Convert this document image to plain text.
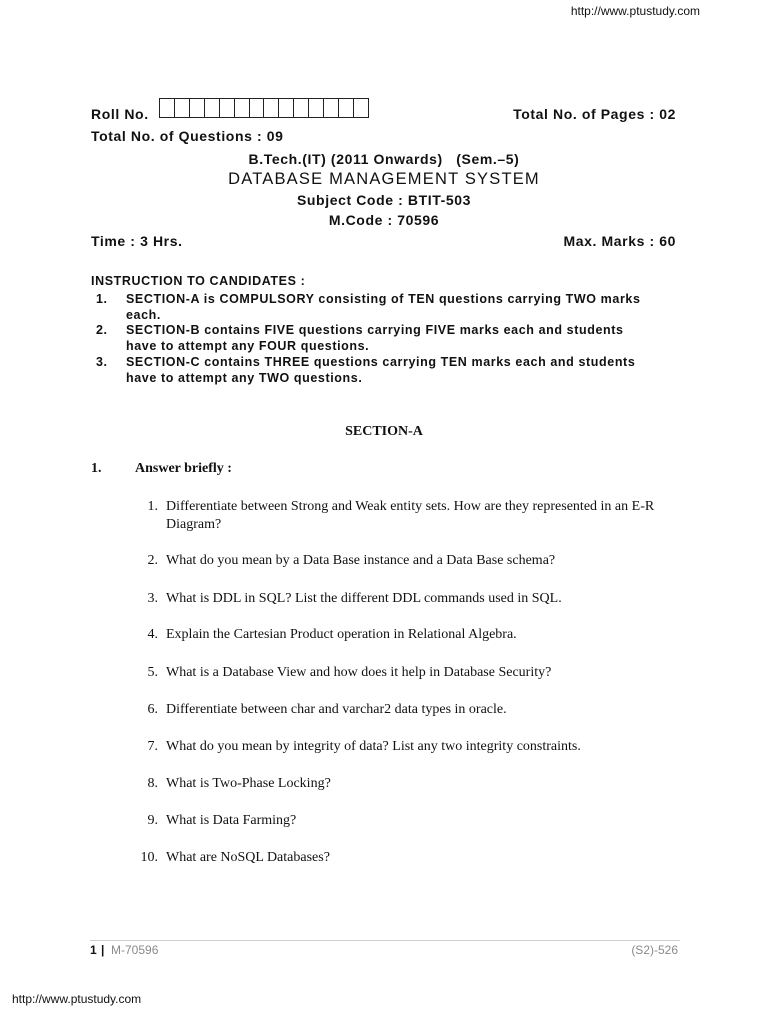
http://www.ptustudy.com
Roll No.	Total No. of Pages : 02
Total No. of Questions : 09
B.Tech.(IT) (2011 Onwards)   (Sem.–5)
DATABASE MANAGEMENT SYSTEM
Subject Code : BTIT-503
M.Code : 70596
Time : 3 Hrs.	Max. Marks : 60
INSTRUCTION TO CANDIDATES :
1. SECTION-A is COMPULSORY consisting of TEN questions carrying TWO marks
each.
2. SECTION-B contains FIVE questions carrying FIVE marks each and students
have to attempt any FOUR questions.
3. SECTION-C contains THREE questions carrying TEN marks each and students
have to attempt any TWO questions.
SECTION-A
1. Answer briefly :
1. Differentiate between Strong and Weak entity sets. How are they represented in an E-R Diagram?
2. What do you mean by a Data Base instance and a Data Base schema?
3. What is DDL in SQL? List the different DDL commands used in SQL.
4. Explain the Cartesian Product operation in Relational Algebra.
5. What is a Database View and how does it help in Database Security?
6. Differentiate between char and varchar2 data types in oracle.
7. What do you mean by integrity of data? List any two integrity constraints.
8. What is Two-Phase Locking?
9. What is Data Farming?
10. What are NoSQL Databases?
1 | M-70596	(S2)-526
http://www.ptustudy.com
